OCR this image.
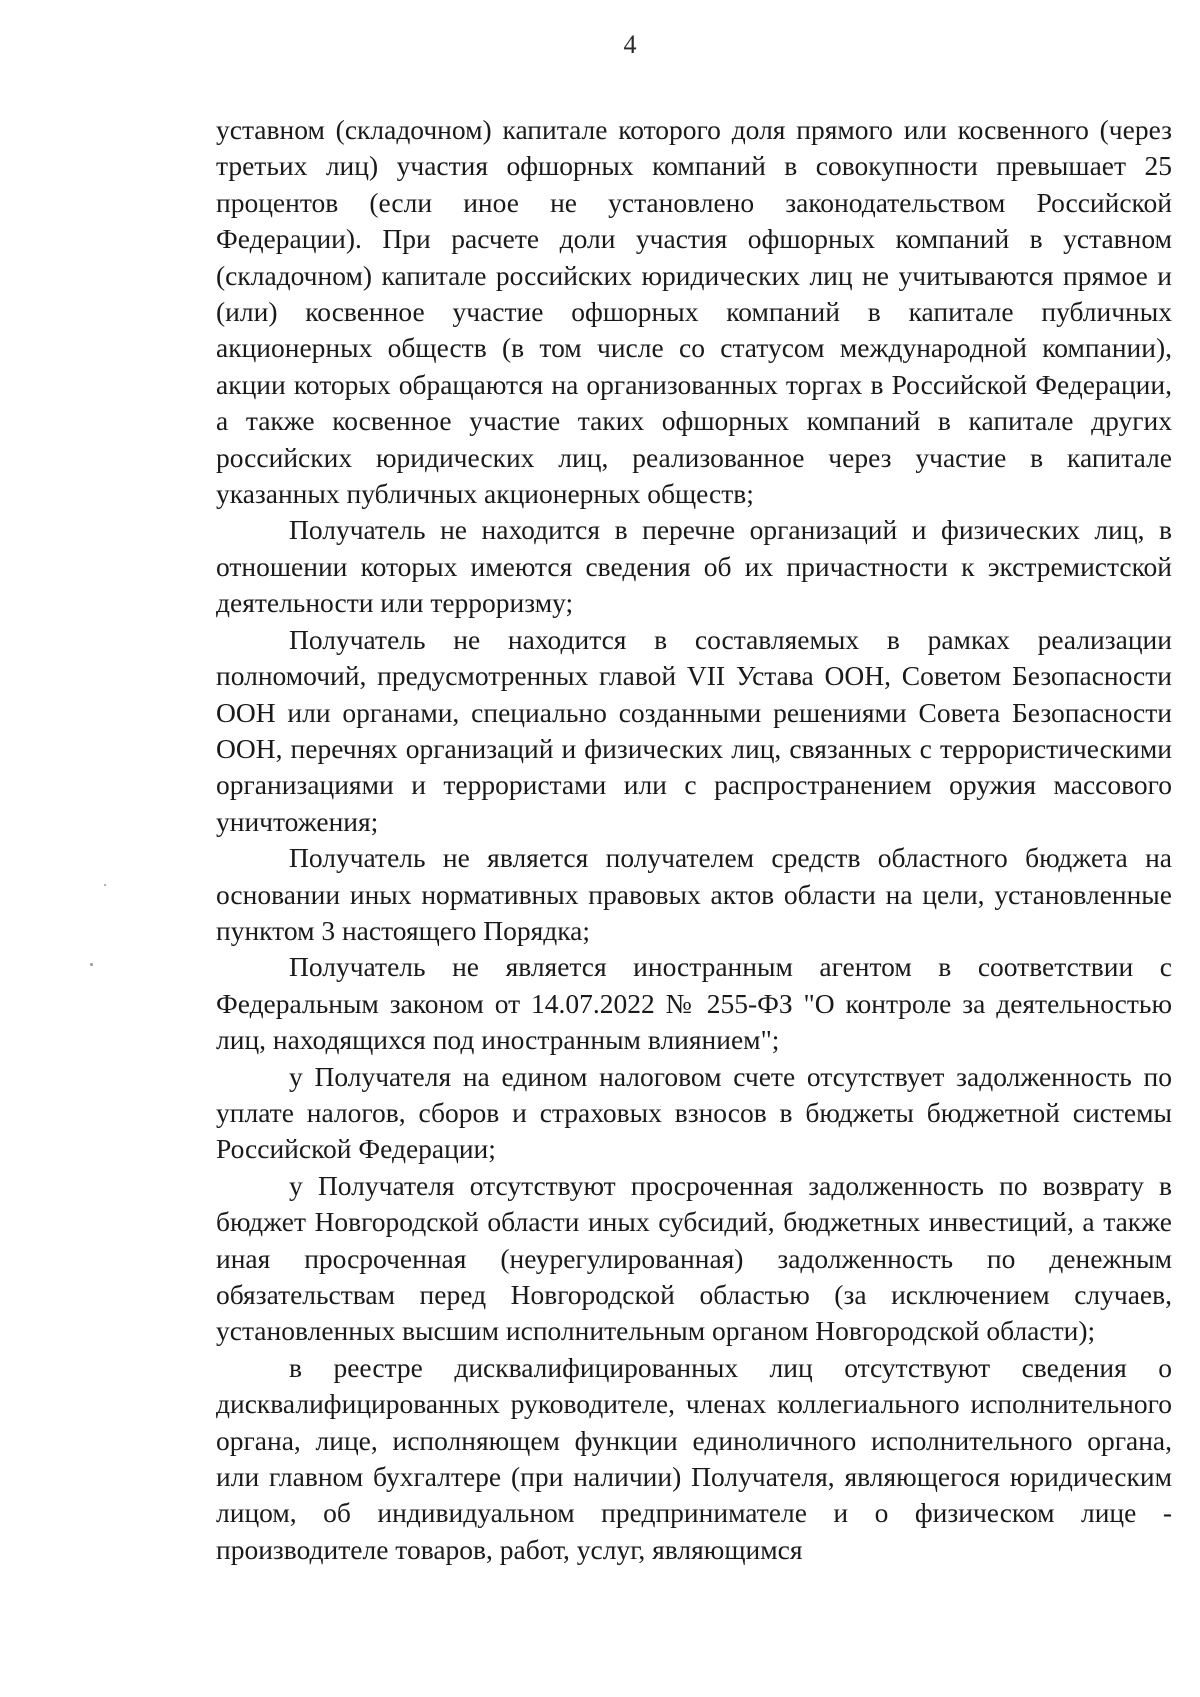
4

уставном (складочном) капитале которого доля прямого или косвенного (через третьих лиц) участия офшорных компаний в совокупности превышает 25 процентов (если иное не установлено законодательством Российской Федерации). При расчете доли участия офшорных компаний в уставном (складочном) капитале российских юридических лиц не учитываются прямое и (или) косвенное участие офшорных компаний в капитале публичных акционерных обществ (в том числе со статусом международной компании), акции которых обращаются на организованных торгах в Российской Федерации, а также косвенное участие таких офшорных компаний в капитале других российских юридических лиц, реализованное через участие в капитале указанных публичных акционерных обществ;

Получатель не находится в перечне организаций и физических лиц, в отношении которых имеются сведения об их причастности к экстремистской деятельности или терроризму;

Получатель не находится в составляемых в рамках реализации полномочий, предусмотренных главой VII Устава ООН, Советом Безопасности ООН или органами, специально созданными решениями Совета Безопасности ООН, перечнях организаций и физических лиц, связанных с террористическими организациями и террористами или с распространением оружия массового уничтожения;

Получатель не является получателем средств областного бюджета на основании иных нормативных правовых актов области на цели, установленные пунктом 3 настоящего Порядка;

Получатель не является иностранным агентом в соответствии с Федеральным законом от 14.07.2022 № 255-ФЗ "О контроле за деятельностью лиц, находящихся под иностранным влиянием";

у Получателя на едином налоговом счете отсутствует задолженность по уплате налогов, сборов и страховых взносов в бюджеты бюджетной системы Российской Федерации;

у Получателя отсутствуют просроченная задолженность по возврату в бюджет Новгородской области иных субсидий, бюджетных инвестиций, а также иная просроченная (неурегулированная) задолженность по денежным обязательствам перед Новгородской областью (за исключением случаев, установленных высшим исполнительным органом Новгородской области);

в реестре дисквалифицированных лиц отсутствуют сведения о дисквалифицированных руководителе, членах коллегиального исполнительного органа, лице, исполняющем функции единоличного исполнительного органа, или главном бухгалтере (при наличии) Получателя, являющегося юридическим лицом, об индивидуальном предпринимателе и о физическом лице - производителе товаров, работ, услуг, являющимся
